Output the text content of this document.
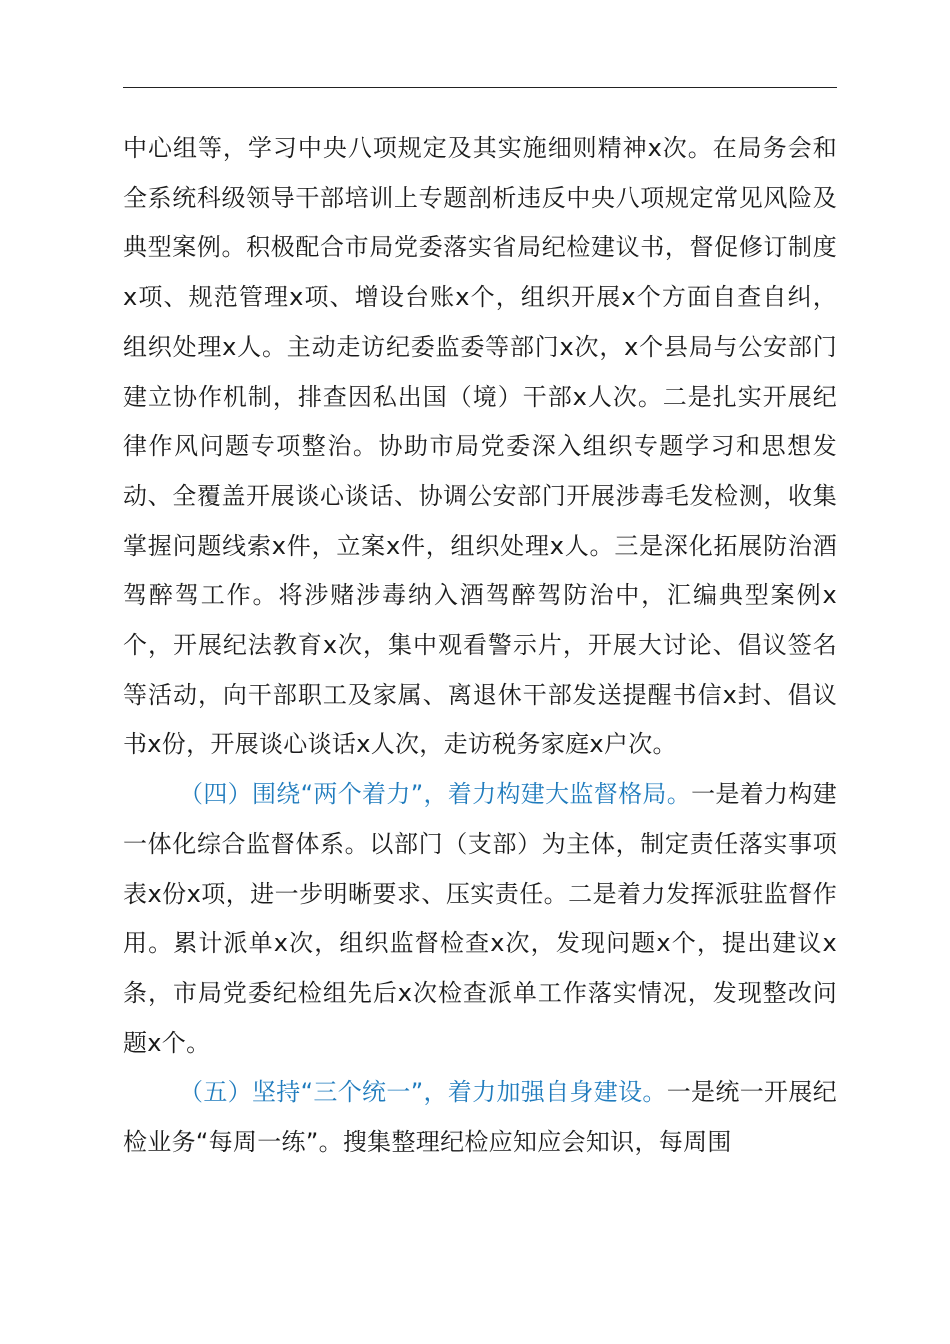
中心组等，学习中央八项规定及其实施细则精神x次。在局务会和全系统科级领导干部培训上专题剖析违反中央八项规定常见风险及典型案例。积极配合市局党委落实省局纪检建议书，督促修订制度x项、规范管理x项、增设台账x个，组织开展x个方面自查自纠，组织处理x人。主动走访纪委监委等部门x次，x个县局与公安部门建立协作机制，排查因私出国（境）干部x人次。二是扎实开展纪律作风问题专项整治。协助市局党委深入组织专题学习和思想发动、全覆盖开展谈心谈话、协调公安部门开展涉毒毛发检测，收集掌握问题线索x件，立案x件，组织处理x人。三是深化拓展防治酒驾醉驾工作。将涉赌涉毒纳入酒驾醉驾防治中，汇编典型案例x个，开展纪法教育x次，集中观看警示片，开展大讨论、倡议签名等活动，向干部职工及家属、离退休干部发送提醒书信x封、倡议书x份，开展谈心谈话x人次，走访税务家庭x户次。

（四）围绕“两个着力”，着力构建大监督格局。一是着力构建一体化综合监督体系。以部门（支部）为主体，制定责任落实事项表x份x项，进一步明晰要求、压实责任。二是着力发挥派驻监督作用。累计派单x次，组织监督检查x次，发现问题x个，提出建议x条，市局党委纪检组先后x次检查派单工作落实情况，发现整改问题x个。

（五）坚持“三个统一”，着力加强自身建设。一是统一开展纪检业务“每周一练”。搜集整理纪检应知应会知识，每周围
